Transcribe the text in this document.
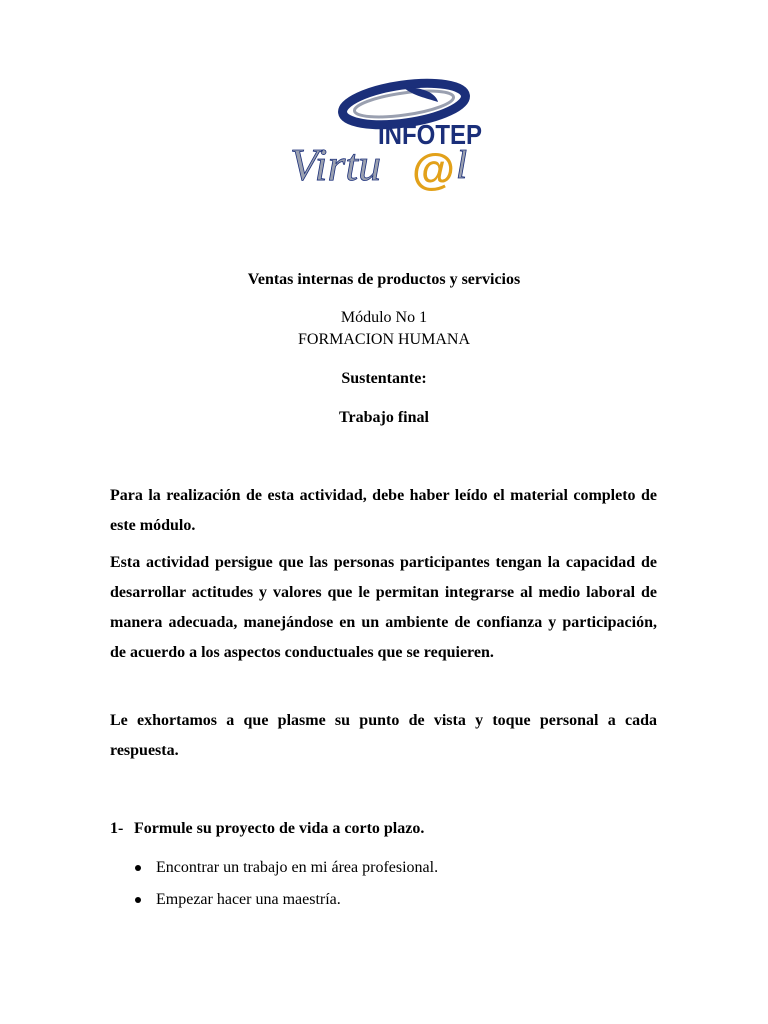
INFOTEP
Virtu @ l
Ventas internas de productos y servicios
Módulo No 1
FORMACION HUMANA
Sustentante:
Trabajo final
Para la realización de esta actividad, debe haber leído el material completo de este módulo.
Esta actividad persigue que las personas participantes tengan la capacidad de desarrollar actitudes y valores que le permitan integrarse al medio laboral de manera adecuada, manejándose en un ambiente de confianza y participación, de acuerdo a los aspectos conductuales que se requieren.
Le exhortamos a que plasme su punto de vista y toque personal a cada respuesta.
1- Formule su proyecto de vida a corto plazo.
Encontrar un trabajo en mi área profesional.
Empezar hacer una maestría.
